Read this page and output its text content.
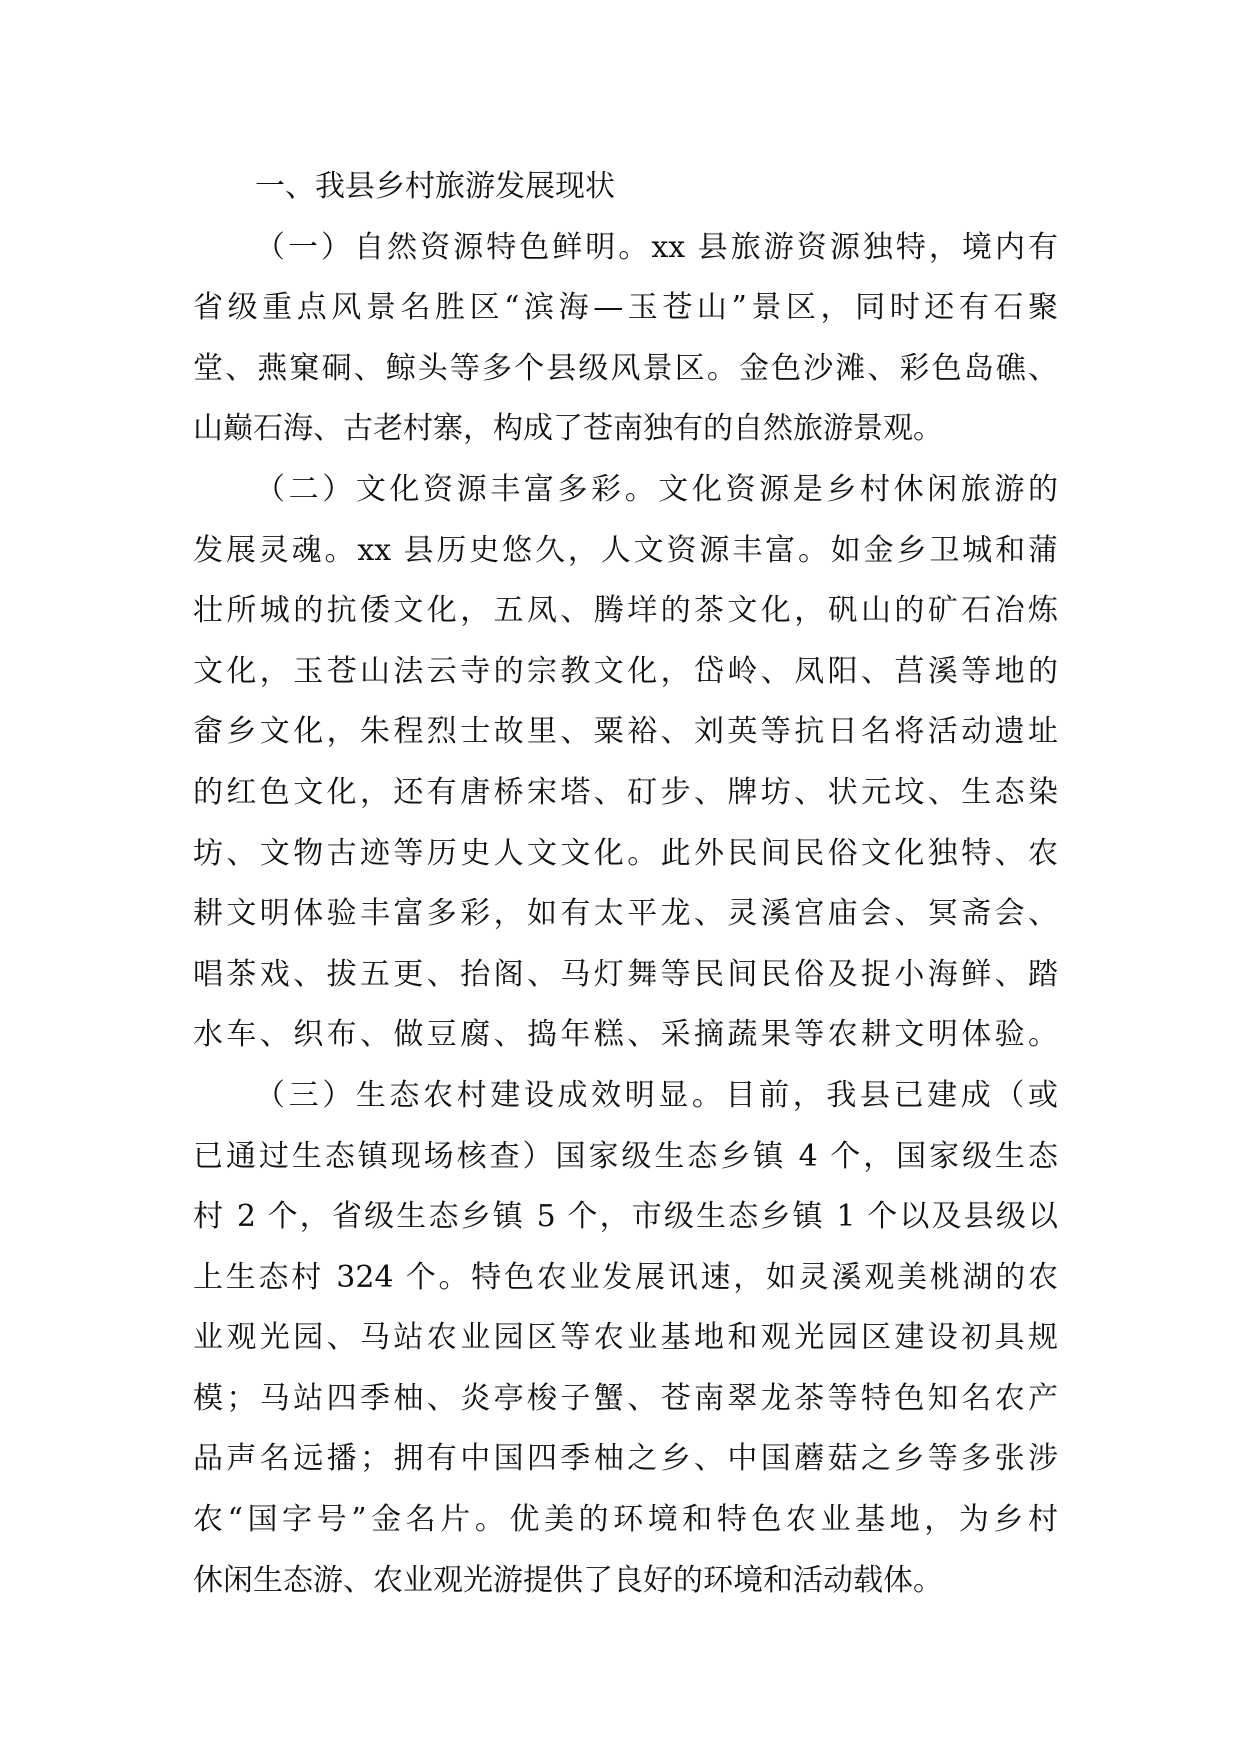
一、我县乡村旅游发展现状
（一）自然资源特色鲜明。xx 县旅游资源独特，境内有
省级重点风景名胜区“滨海—玉苍山”景区，同时还有石聚
堂、燕窠硐、鲸头等多个县级风景区。金色沙滩、彩色岛礁、
山巅石海、古老村寨，构成了苍南独有的自然旅游景观。
（二）文化资源丰富多彩。文化资源是乡村休闲旅游的
发展灵魂。xx 县历史悠久，人文资源丰富。如金乡卫城和蒲
壮所城的抗倭文化，五凤、腾垟的茶文化，矾山的矿石冶炼
文化，玉苍山法云寺的宗教文化，岱岭、凤阳、莒溪等地的
畲乡文化，朱程烈士故里、粟裕、刘英等抗日名将活动遗址
的红色文化，还有唐桥宋塔、矴步、牌坊、状元坟、生态染
坊、文物古迹等历史人文文化。此外民间民俗文化独特、农
耕文明体验丰富多彩，如有太平龙、灵溪宫庙会、冥斋会、
唱茶戏、拔五更、抬阁、马灯舞等民间民俗及捉小海鲜、踏
水车、织布、做豆腐、捣年糕、采摘蔬果等农耕文明体验。
（三）生态农村建设成效明显。目前，我县已建成（或
已通过生态镇现场核查）国家级生态乡镇 4 个，国家级生态
村 2 个，省级生态乡镇 5 个，市级生态乡镇 1 个以及县级以
上生态村 324 个。特色农业发展讯速，如灵溪观美桃湖的农
业观光园、马站农业园区等农业基地和观光园区建设初具规
模；马站四季柚、炎亭梭子蟹、苍南翠龙茶等特色知名农产
品声名远播；拥有中国四季柚之乡、中国蘑菇之乡等多张涉
农“国字号”金名片。优美的环境和特色农业基地，为乡村
休闲生态游、农业观光游提供了良好的环境和活动载体。
